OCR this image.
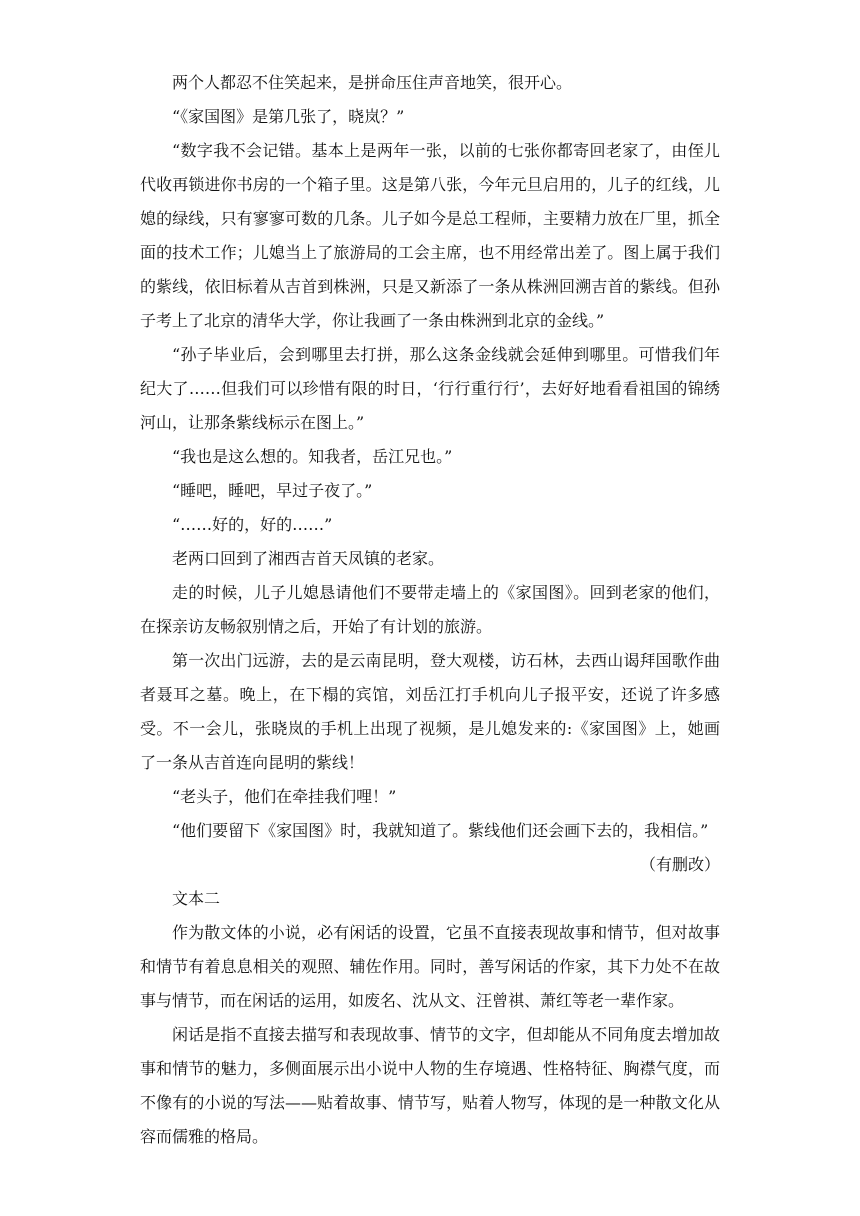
两个人都忍不住笑起来，是拼命压住声音地笑，很开心。

“《家国图》是第几张了，晓岚？”

“数字我不会记错。基本上是两年一张，以前的七张你都寄回老家了，由侄儿代收再锁进你书房的一个箱子里。这是第八张，今年元旦启用的，儿子的红线，儿媳的绿线，只有寥寥可数的几条。儿子如今是总工程师，主要精力放在厂里，抓全面的技术工作；儿媳当上了旅游局的工会主席，也不用经常出差了。图上属于我们的紫线，依旧标着从吉首到株洲，只是又新添了一条从株洲回溯吉首的紫线。但孙子考上了北京的清华大学，你让我画了一条由株洲到北京的金线。”

“孙子毕业后，会到哪里去打拼，那么这条金线就会延伸到哪里。可惜我们年纪大了……但我们可以珍惜有限的时日，‘行行重行行’，去好好地看看祖国的锦绣河山，让那条紫线标示在图上。”

“我也是这么想的。知我者，岳江兄也。”

“睡吧，睡吧，早过子夜了。”

“……好的，好的……”

老两口回到了湘西吉首天凤镇的老家。

走的时候，儿子儿媳恳请他们不要带走墙上的《家国图》。回到老家的他们，在探亲访友畅叙别情之后，开始了有计划的旅游。

第一次出门远游，去的是云南昆明，登大观楼，访石林，去西山谒拜国歌作曲者聂耳之墓。晚上，在下榻的宾馆，刘岳江打手机向儿子报平安，还说了许多感受。不一会儿，张晓岚的手机上出现了视频，是儿媳发来的:《家国图》上，她画了一条从吉首连向昆明的紫线！

“老头子，他们在牵挂我们哩！”

“他们要留下《家国图》时，我就知道了。紫线他们还会画下去的，我相信。”

（有删改）

文本二

作为散文体的小说，必有闲话的设置，它虽不直接表现故事和情节，但对故事和情节有着息息相关的观照、辅佐作用。同时，善写闲话的作家，其下力处不在故事与情节，而在闲话的运用，如废名、沈从文、汪曾祺、萧红等老一辈作家。

闲话是指不直接去描写和表现故事、情节的文字，但却能从不同角度去增加故事和情节的魅力，多侧面展示出小说中人物的生存境遇、性格特征、胸襟气度，而不像有的小说的写法——贴着故事、情节写，贴着人物写，体现的是一种散文化从容而儒雅的格局。
